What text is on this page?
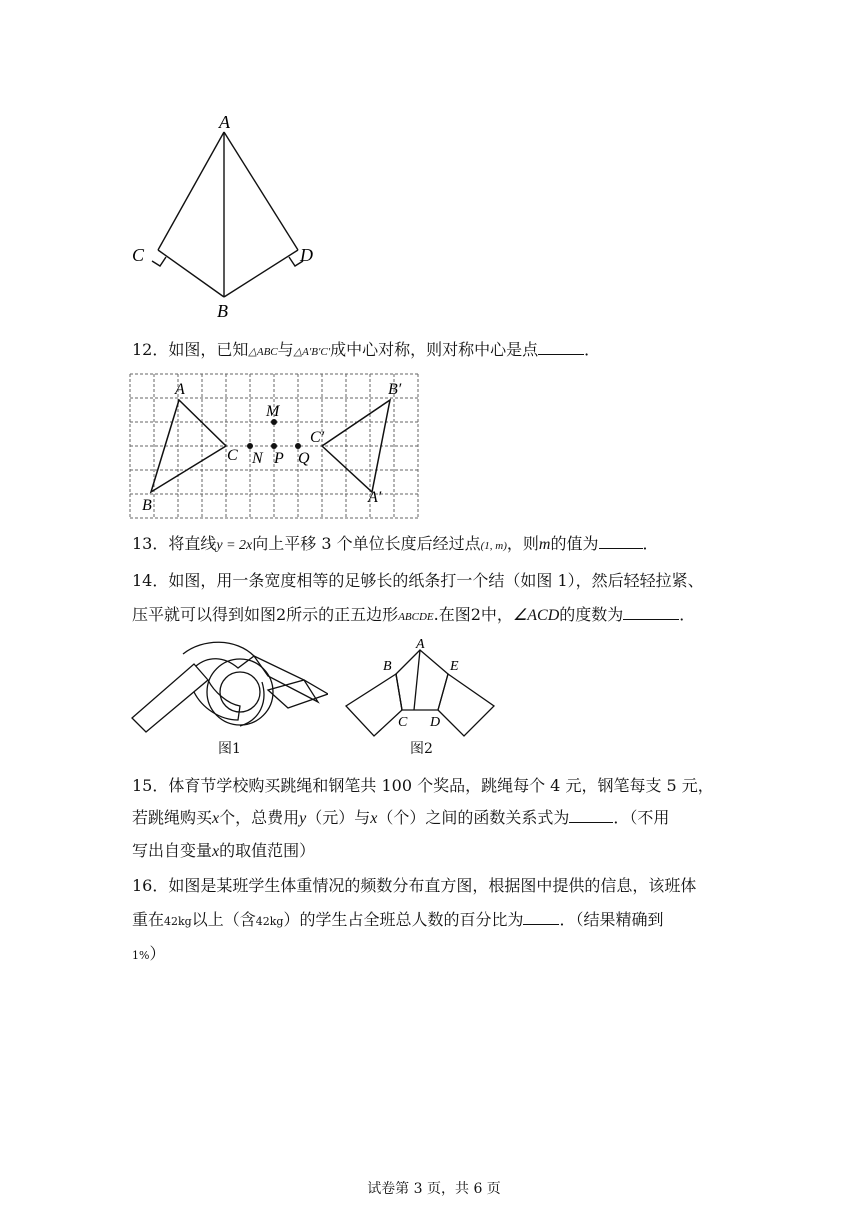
A
C	D
B
12．如图，已知△ABC与△A′B′C′成中心对称，则对称中心是点	．
A
B
C
M
N P Q
C′
B′
A′
13．将直线y = 2x向上平移 3 个单位长度后经过点(1, m)，则m的值为	．
14．如图，用一条宽度相等的足够长的纸条打一个结（如图 1），然后轻轻拉紧、
压平就可以得到如图2所示的正五边形ABCDE.在图2中，∠ACD的度数为	．
图1
A
B	E
C D
图2
15．体育节学校购买跳绳和钢笔共 100 个奖品，跳绳每个 4 元，钢笔每支 5 元，
若跳绳购买x个，总费用y（元）与x（个）之间的函数关系式为	．（不用
写出自变量x的取值范围）
16．如图是某班学生体重情况的频数分布直方图，根据图中提供的信息，该班体
重在42kg以上（含42kg）的学生占全班总人数的百分比为 ．（结果精确到
1%）
试卷第 3 页，共 6 页
